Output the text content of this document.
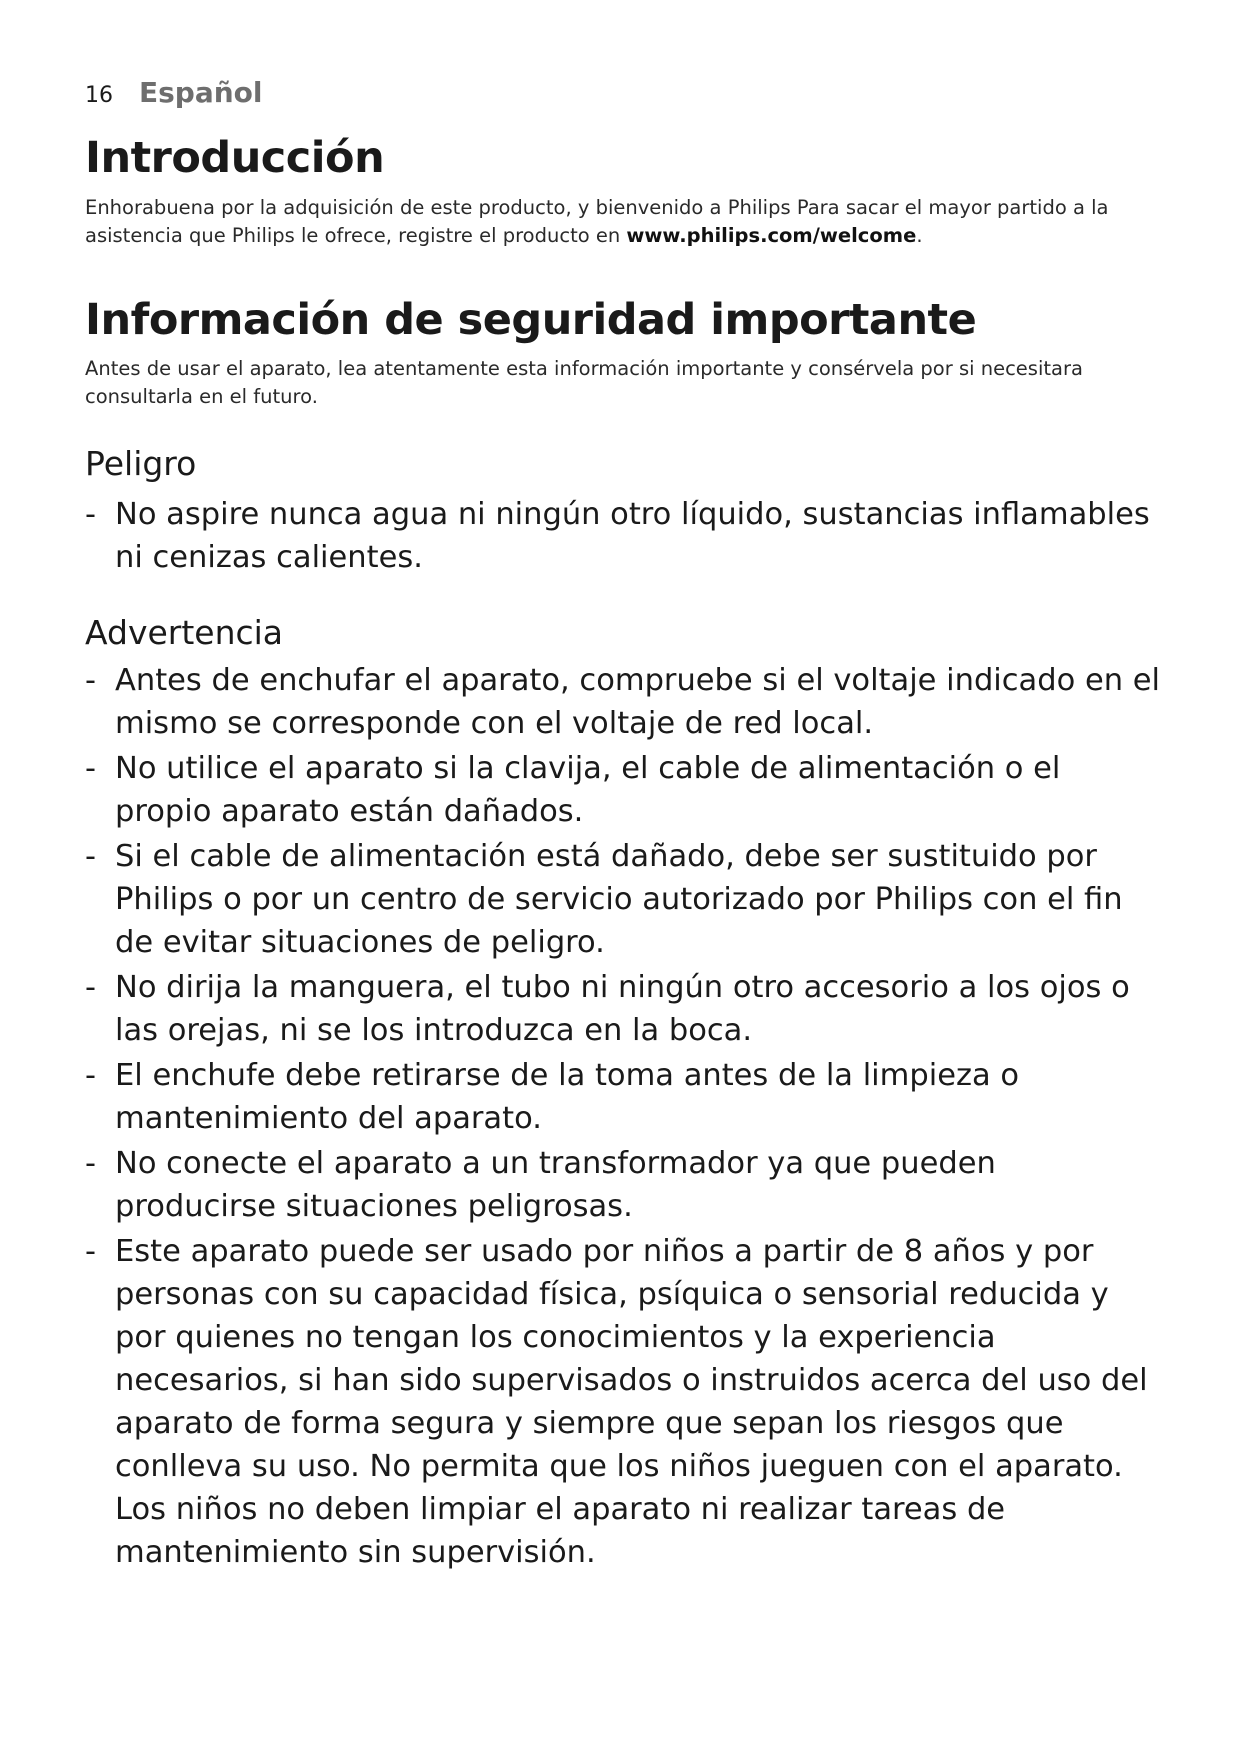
16 Español
Introducción

Enhorabuena por la adquisición de este producto, y bienvenido a Philips Para sacar el mayor partido a la asistencia que Philips le ofrece, registre el producto en www.philips.com/welcome.

Información de seguridad importante

Antes de usar el aparato, lea atentamente esta información importante y consérvela por si necesitara consultarla en el futuro.

Peligro
- No aspire nunca agua ni ningún otro líquido, sustancias inflamables ni cenizas calientes.
Advertencia
- Antes de enchufar el aparato, compruebe si el voltaje indicado en el mismo se corresponde con el voltaje de red local.
- No utilice el aparato si la clavija, el cable de alimentación o el propio aparato están dañados.
- Si el cable de alimentación está dañado, debe ser sustituido por Philips o por un centro de servicio autorizado por Philips con el fin de evitar situaciones de peligro.
- No dirija la manguera, el tubo ni ningún otro accesorio a los ojos o las orejas, ni se los introduzca en la boca.
- El enchufe debe retirarse de la toma antes de la limpieza o mantenimiento del aparato.
- No conecte el aparato a un transformador ya que pueden producirse situaciones peligrosas.
- Este aparato puede ser usado por niños a partir de 8 años y por personas con su capacidad física, psíquica o sensorial reducida y por quienes no tengan los conocimientos y la experiencia necesarios, si han sido supervisados o instruidos acerca del uso del aparato de forma segura y siempre que sepan los riesgos que conlleva su uso. No permita que los niños jueguen con el aparato. Los niños no deben limpiar el aparato ni realizar tareas de mantenimiento sin supervisión.
